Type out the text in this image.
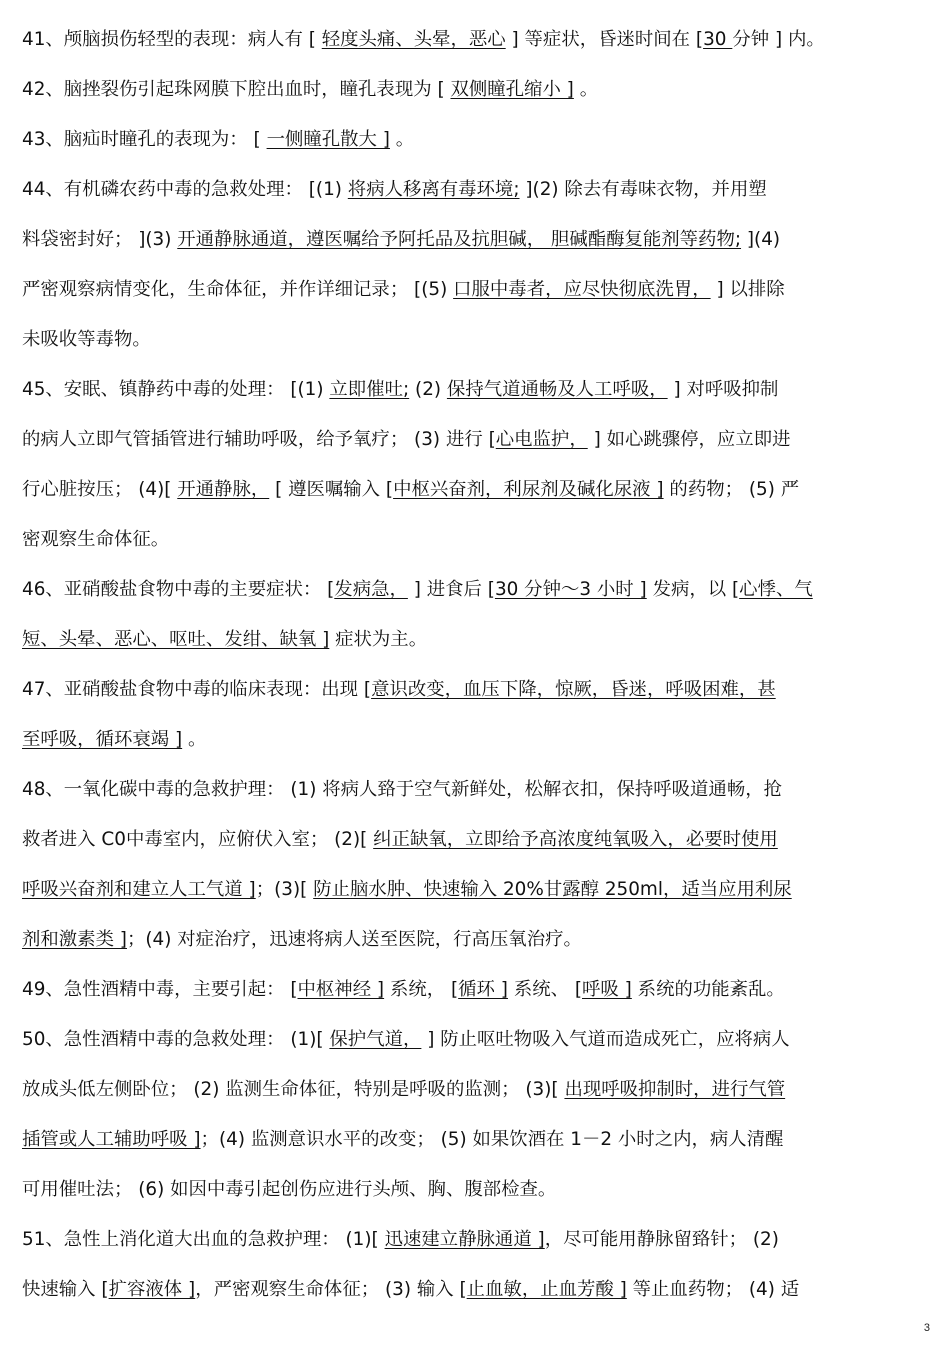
41、颅脑损伤轻型的表现：病人有 [ 轻度头痛、头晕，恶心 ] 等症状，昏迷时间在 [30 分钟 ] 内。
42、脑挫裂伤引起珠网膜下腔出血时，瞳孔表现为 [ 双侧瞳孔缩小 ] 。
43、脑疝时瞳孔的表现为： [ 一侧瞳孔散大 ] 。
44、有机磷农药中毒的急救处理： [(1) 将病人移离有毒环境; ](2) 除去有毒味衣物，并用塑
料袋密封好； ](3) 开通静脉通道，遵医嘱给予阿托品及抗胆碱， 胆碱酯酶复能剂等药物; ](4)
严密观察病情变化，生命体征，并作详细记录； [(5) 口服中毒者，应尽快彻底洗胃， ] 以排除
未吸收等毒物。
45、安眠、镇静药中毒的处理： [(1) 立即催吐; (2) 保持气道通畅及人工呼吸， ] 对呼吸抑制
的病人立即气管插管进行辅助呼吸，给予氧疗； (3) 进行 [心电监护， ] 如心跳骤停，应立即进
行心脏按压； (4)[ 开通静脉， [ 遵医嘱输入 [中枢兴奋剂，利尿剂及碱化尿液 ] 的药物； (5) 严
密观察生命体征。
46、亚硝酸盐食物中毒的主要症状： [发病急， ] 进食后 [30 分钟～3 小时 ] 发病，以 [心悸、气
短、头晕、恶心、呕吐、发绀、缺氧 ] 症状为主。
47、亚硝酸盐食物中毒的临床表现：出现 [意识改变，血压下降，惊厥，昏迷，呼吸困难，甚
至呼吸，循环衰竭 ] 。
48、一氧化碳中毒的急救护理： (1) 将病人臵于空气新鲜处，松解衣扣，保持呼吸道通畅，抢
救者进入 C0中毒室内，应俯伏入室； (2)[ 纠正缺氧，立即给予高浓度纯氧吸入，必要时使用
呼吸兴奋剂和建立人工气道 ]；(3)[ 防止脑水肿、快速输入 20%甘露醇 250ml，适当应用利尿
剂和激素类 ]；(4) 对症治疗，迅速将病人送至医院，行高压氧治疗。
49、急性酒精中毒，主要引起： [中枢神经 ] 系统， [循环 ] 系统、 [呼吸 ] 系统的功能紊乱。
50、急性酒精中毒的急救处理： (1)[ 保护气道， ] 防止呕吐物吸入气道而造成死亡，应将病人
放成头低左侧卧位； (2) 监测生命体征，特别是呼吸的监测； (3)[ 出现呼吸抑制时，进行气管
插管或人工辅助呼吸 ]；(4) 监测意识水平的改变； (5) 如果饮酒在 1－2 小时之内，病人清醒
可用催吐法； (6) 如因中毒引起创伤应进行头颅、胸、腹部检查。
51、急性上消化道大出血的急救护理： (1)[ 迅速建立静脉通道 ]，尽可能用静脉留臵针； (2)
快速输入 [扩容液体 ]，严密观察生命体征； (3) 输入 [止血敏，止血芳酸 ] 等止血药物； (4) 适
3
